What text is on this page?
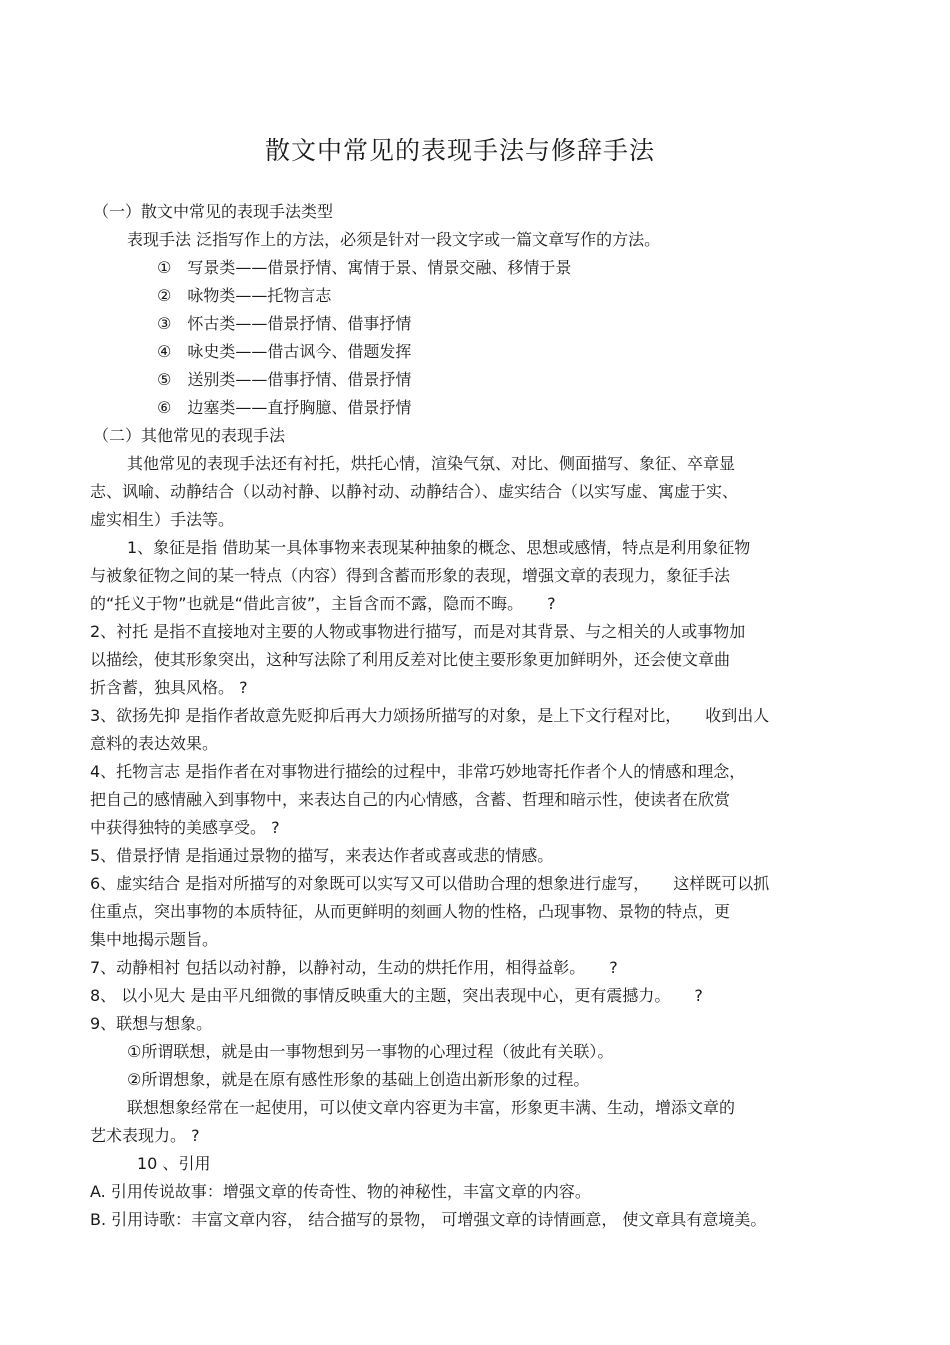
散文中常见的表现手法与修辞手法
（一）散文中常见的表现手法类型
表现手法 泛指写作上的方法，必须是针对一段文字或一篇文章写作的方法。
①　写景类——借景抒情、寓情于景、情景交融、移情于景
②　咏物类——托物言志
③　怀古类——借景抒情、借事抒情
④　咏史类——借古讽今、借题发挥
⑤　送别类——借事抒情、借景抒情
⑥　边塞类——直抒胸臆、借景抒情
（二）其他常见的表现手法
其他常见的表现手法还有衬托，烘托心情，渲染气氛、对比、侧面描写、象征、卒章显
志、讽喻、动静结合（以动衬静、以静衬动、动静结合）、虚实结合（以实写虚、寓虚于实、
虚实相生）手法等。
1、象征是指 借助某一具体事物来表现某种抽象的概念、思想或感情，特点是利用象征物
与被象征物之间的某一特点（内容）得到含蓄而形象的表现，增强文章的表现力，象征手法
的“托义于物”也就是“借此言彼”，主旨含而不露，隐而不晦。　　?
2、衬托 是指不直接地对主要的人物或事物进行描写，而是对其背景、与之相关的人或事物加
以描绘，使其形象突出，这种写法除了利用反差对比使主要形象更加鲜明外，还会使文章曲
折含蓄，独具风格。 ?
3、欲扬先抑 是指作者故意先贬抑后再大力颂扬所描写的对象，是上下文行程对比，　　收到出人
意料的表达效果。
4、托物言志 是指作者在对事物进行描绘的过程中，非常巧妙地寄托作者个人的情感和理念，
把自己的感情融入到事物中，来表达自己的内心情感，含蓄、哲理和暗示性，使读者在欣赏
中获得独特的美感享受。 ?
5、借景抒情 是指通过景物的描写，来表达作者或喜或悲的情感。
6、虚实结合 是指对所描写的对象既可以实写又可以借助合理的想象进行虚写，　　这样既可以抓
住重点，突出事物的本质特征，从而更鲜明的刻画人物的性格，凸现事物、景物的特点，更
集中地揭示题旨。
7、动静相衬 包括以动衬静，以静衬动，生动的烘托作用，相得益彰。　　?
8、 以小见大 是由平凡细微的事情反映重大的主题，突出表现中心，更有震撼力。　　?
9、联想与想象。
①所谓联想，就是由一事物想到另一事物的心理过程（彼此有关联）。
②所谓想象，就是在原有感性形象的基础上创造出新形象的过程。
联想想象经常在一起使用，可以使文章内容更为丰富，形象更丰满、生动，增添文章的
艺术表现力。 ?
10 、引用
A. 引用传说故事：增强文章的传奇性、物的神秘性，丰富文章的内容。
B. 引用诗歌：丰富文章内容， 结合描写的景物， 可增强文章的诗情画意， 使文章具有意境美。
